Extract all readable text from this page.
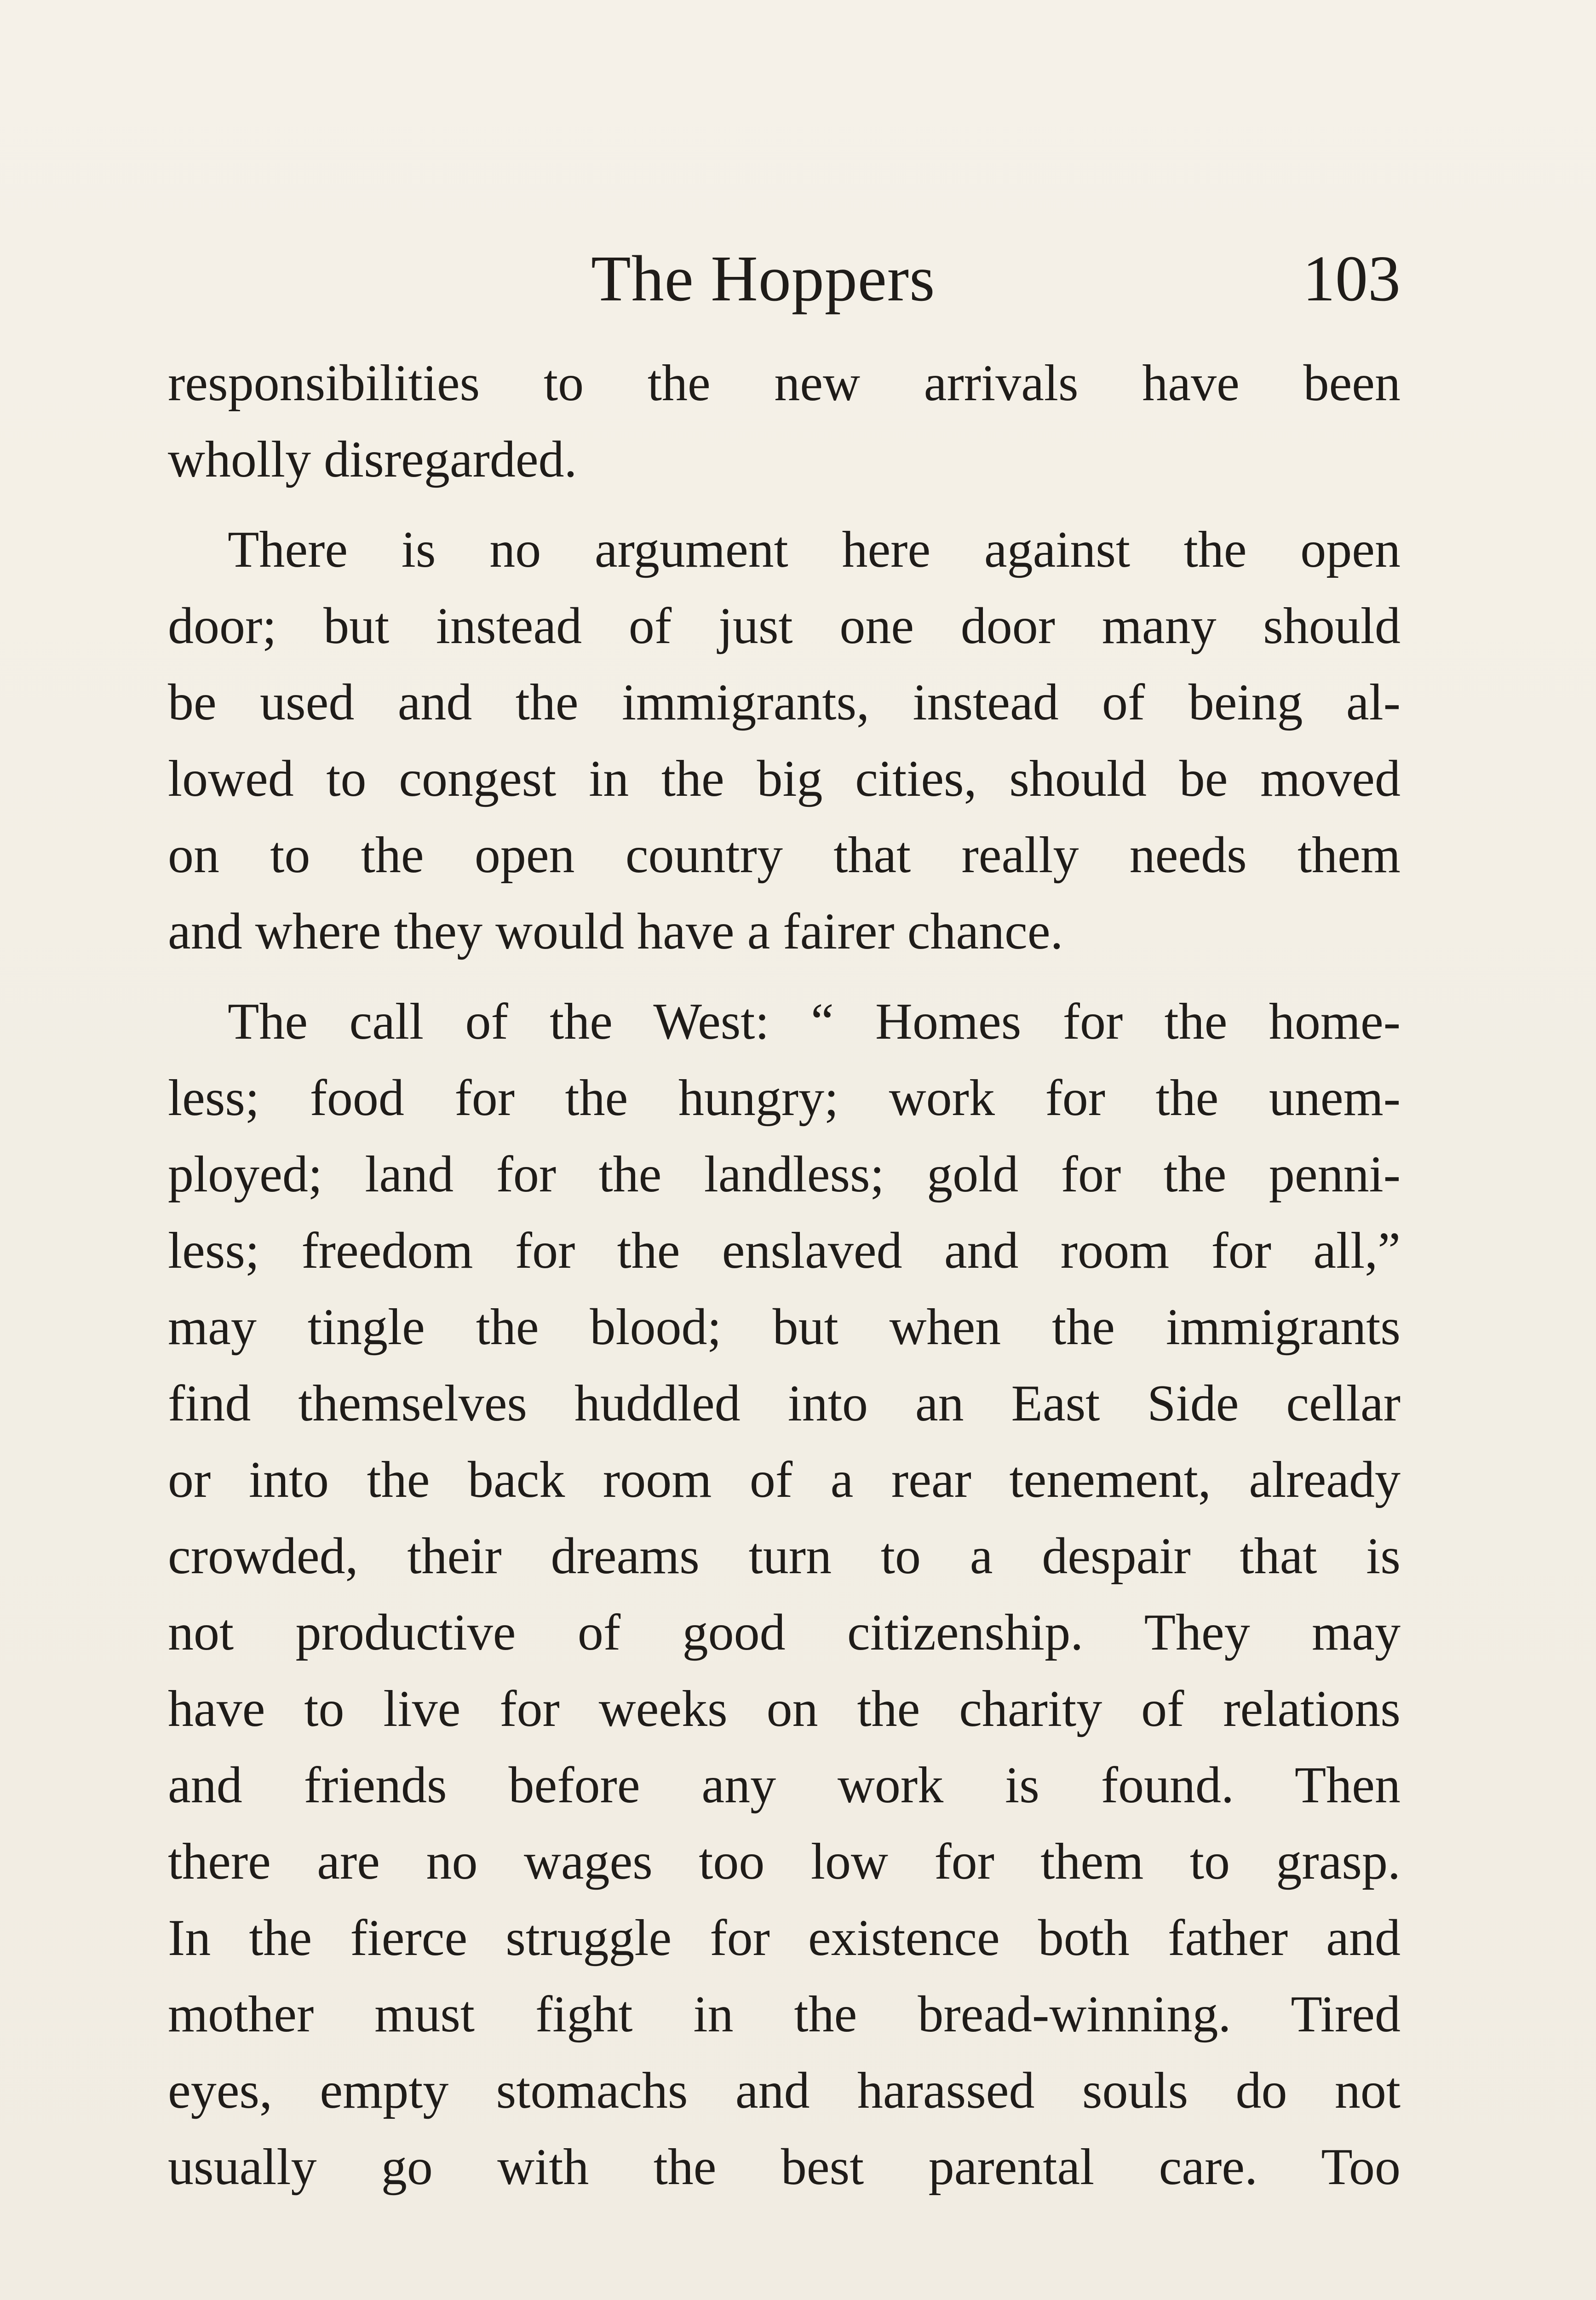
The Hoppers	103
responsibilities to the new arrivals have been
wholly disregarded.
There is no argument here against the open
door; but instead of just one door many should
be used and the immigrants, instead of being al-
lowed to congest in the big cities, should be moved
on to the open country that really needs them
and where they would have a fairer chance.
The call of the West: “ Homes for the home-
less; food for the hungry; work for the unem-
ployed; land for the landless; gold for the penni-
less; freedom for the enslaved and room for all,”
may tingle the blood; but when the immigrants
find themselves huddled into an East Side cellar
or into the back room of a rear tenement, already
crowded, their dreams turn to a despair that is
not productive of good citizenship. They may
have to live for weeks on the charity of relations
and friends before any work is found. Then
there are no wages too low for them to grasp.
In the fierce struggle for existence both father and
mother must fight in the bread-winning. Tired
eyes, empty stomachs and harassed souls do not
usually go with the best parental care. Too
